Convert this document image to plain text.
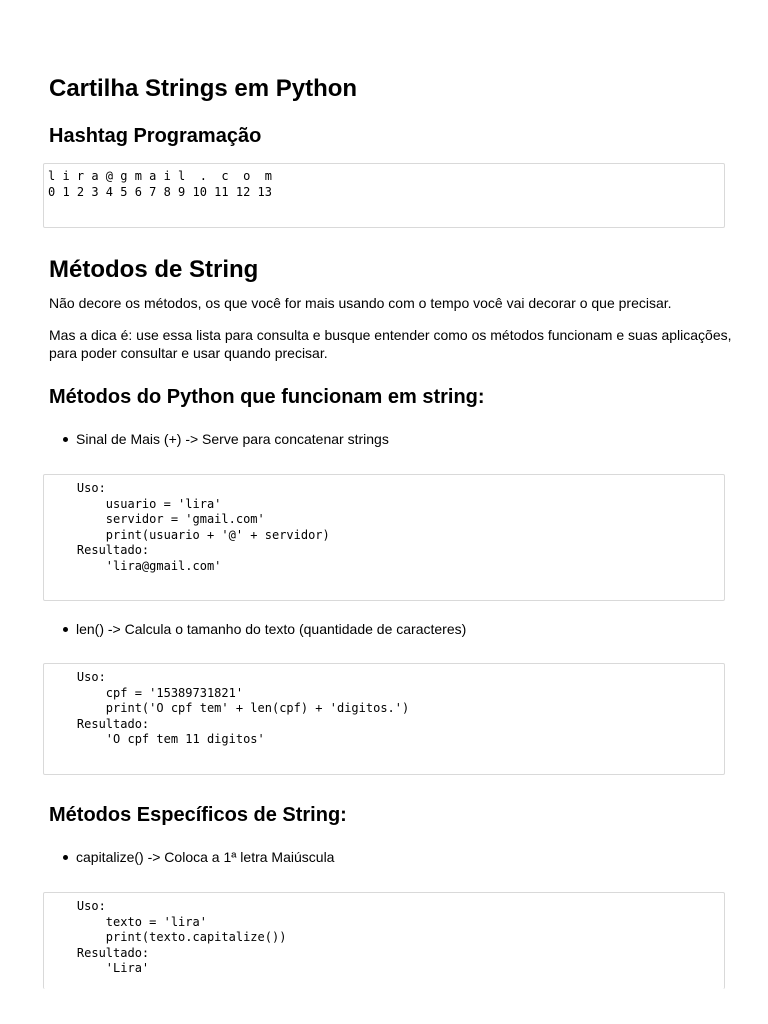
Cartilha Strings em Python
Hashtag Programação
l i r a @ g m a i l  .  c  o  m
0 1 2 3 4 5 6 7 8 9 10 11 12 13
Métodos de String

Não decore os métodos, os que você for mais usando com o tempo você vai decorar o que precisar.

Mas a dica é: use essa lista para consulta e busque entender como os métodos funcionam e suas aplicações,

para poder consultar e usar quando precisar.

Métodos do Python que funcionam em string:
Sinal de Mais (+) -> Serve para concatenar strings
Uso:
usuario = 'lira'
servidor = 'gmail.com'
print(usuario + '@' + servidor)
Resultado:
'lira@gmail.com'
len() -> Calcula o tamanho do texto (quantidade de caracteres)
Uso:
cpf = '15389731821'
print('O cpf tem' + len(cpf) + 'digitos.')
Resultado:
'O cpf tem 11 digitos'
Métodos Específicos de String:
capitalize() -> Coloca a 1ª letra Maiúscula
Uso:
texto = 'lira'
print(texto.capitalize())
Resultado:
'Lira'
